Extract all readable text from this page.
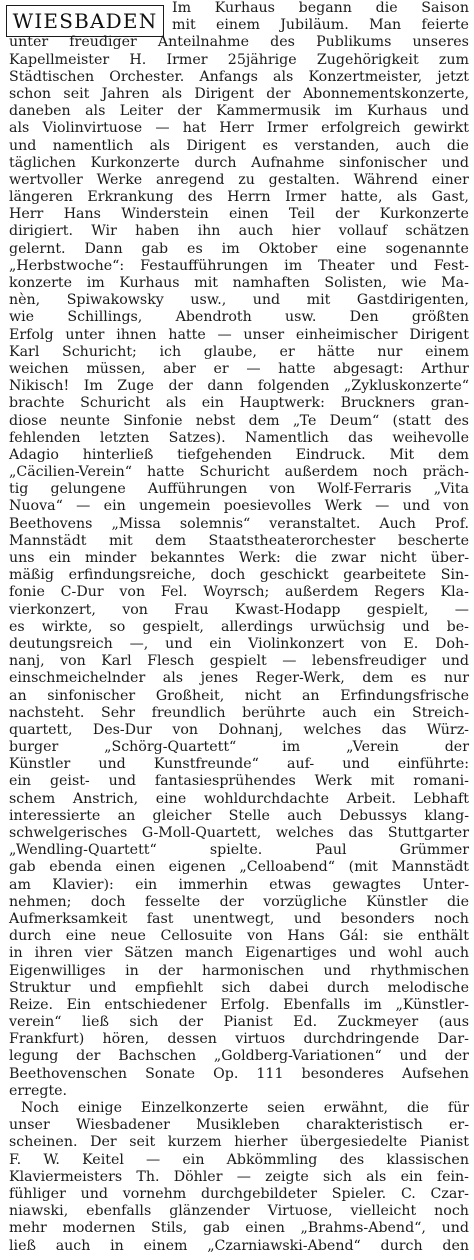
WIESBADEN
Im Kurhaus begann die Saison
mit einem Jubiläum. Man feierte
unter freudiger Anteilnahme des Publikums unseres
Kapellmeister H. Irmer 25jährige Zugehörigkeit zum
Städtischen Orchester. Anfangs als Konzertmeister, jetzt
schon seit Jahren als Dirigent der Abonnementskonzerte,
daneben als Leiter der Kammermusik im Kurhaus und
als Violinvirtuose — hat Herr Irmer erfolgreich gewirkt
und namentlich als Dirigent es verstanden, auch die
täglichen Kurkonzerte durch Aufnahme sinfonischer und
wertvoller Werke anregend zu gestalten. Während einer
längeren Erkrankung des Herrn Irmer hatte, als Gast,
Herr Hans Winderstein einen Teil der Kurkonzerte
dirigiert. Wir haben ihn auch hier vollauf schätzen
gelernt. Dann gab es im Oktober eine sogenannte
„Herbstwoche“: Festaufführungen im Theater und Fest-
konzerte im Kurhaus mit namhaften Solisten, wie Ma-
nèn, Spiwakowsky usw., und mit Gastdirigenten,
wie Schillings, Abendroth usw. Den größten
Erfolg unter ihnen hatte — unser einheimischer Dirigent
Karl Schuricht; ich glaube, er hätte nur einem
weichen müssen, aber er — hatte abgesagt: Arthur
Nikisch! Im Zuge der dann folgenden „Zykluskonzerte“
brachte Schuricht als ein Hauptwerk: Bruckners gran-
diose neunte Sinfonie nebst dem „Te Deum“ (statt des
fehlenden letzten Satzes). Namentlich das weihevolle
Adagio hinterließ tiefgehenden Eindruck. Mit dem
„Cäcilien-Verein“ hatte Schuricht außerdem noch präch-
tig gelungene Aufführungen von Wolf-Ferraris „Vita
Nuova“ — ein ungemein poesievolles Werk — und von
Beethovens „Missa solemnis“ veranstaltet. Auch Prof.
Mannstädt mit dem Staatstheaterorchester bescherte
uns ein minder bekanntes Werk: die zwar nicht über-
mäßig erfindungsreiche, doch geschickt gearbeitete Sin-
fonie C-Dur von Fel. Woyrsch; außerdem Regers Kla-
vierkonzert, von Frau Kwast-Hodapp gespielt, —
es wirkte, so gespielt, allerdings urwüchsig und be-
deutungsreich —, und ein Violinkonzert von E. Doh-
nanj, von Karl Flesch gespielt — lebensfreudiger und
einschmeichelnder als jenes Reger-Werk, dem es nur
an sinfonischer Großheit, nicht an Erfindungsfrische
nachsteht. Sehr freundlich berührte auch ein Streich-
quartett, Des-Dur von Dohnanj, welches das Würz-
burger	„Schörg-Quartett“	im	„Verein	der
Künstler und Kunstfreunde“ auf- und einführte:
ein geist- und fantasiesprühendes Werk mit romani-
schem Anstrich, eine wohldurchdachte Arbeit. Lebhaft
interessierte an gleicher Stelle auch Debussys klang-
schwelgerisches G-Moll-Quartett, welches das Stuttgarter
„Wendling-Quartett“	spielte.	Paul	Grümmer
gab ebenda einen eigenen „Celloabend“ (mit Mannstädt
am Klavier): ein immerhin etwas gewagtes Unter-
nehmen; doch fesselte der vorzügliche Künstler die
Aufmerksamkeit fast unentwegt, und besonders noch
durch eine neue Cellosuite von Hans Gál: sie enthält
in ihren vier Sätzen manch Eigenartiges und wohl auch
Eigenwilliges in der harmonischen und rhythmischen
Struktur und empfiehlt sich dabei durch melodische
Reize. Ein entschiedener Erfolg. Ebenfalls im „Künstler-
verein“ ließ sich der Pianist Ed. Zuckmeyer (aus
Frankfurt) hören, dessen virtuos durchdringende Dar-
legung der Bachschen „Goldberg-Variationen“ und der
Beethovenschen Sonate Op. 111 besonderes Aufsehen
erregte.
Noch einige Einzelkonzerte seien erwähnt, die für
unser Wiesbadener Musikleben charakteristisch er-
scheinen. Der seit kurzem hierher übergesiedelte Pianist
F. W. Keitel — ein Abkömmling des klassischen
Klaviermeisters Th. Döhler — zeigte sich als ein fein-
fühliger und vornehm durchgebildeter Spieler. C. Czar-
niawski, ebenfalls glänzender Virtuose, vielleicht noch
mehr modernen Stils, gab einen „Brahms-Abend“, und
ließ auch in einem „Czarniawski-Abend“ durch den
